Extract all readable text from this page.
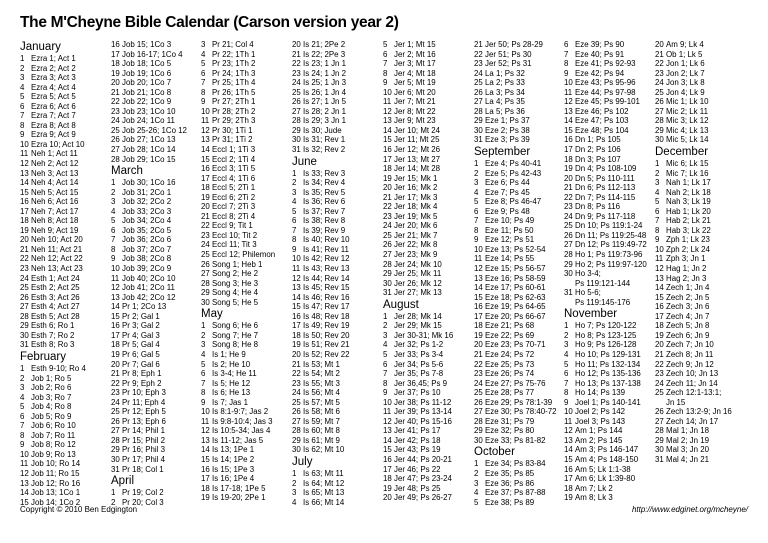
The M'Cheyne Bible Calendar (Carson version year 2)
January
1 Ezra 1; Act 1
2 Ezra 2; Act 2
3 Ezra 3; Act 3
4 Ezra 4; Act 4
5 Ezra 5; Act 5
6 Ezra 6; Act 6
7 Ezra 7; Act 7
8 Ezra 8; Act 8
9 Ezra 9; Act 9
10 Ezra 10; Act 10
11 Neh 1; Act 11
12 Neh 2; Act 12
13 Neh 3; Act 13
14 Neh 4; Act 14
15 Neh 5; Act 15
16 Neh 6; Act 16
17 Neh 7; Act 17
18 Neh 8; Act 18
19 Neh 9; Act 19
20 Neh 10; Act 20
21 Neh 11; Act 21
22 Neh 12; Act 22
23 Neh 13; Act 23
24 Esth 1; Act 24
25 Esth 2; Act 25
26 Esth 3; Act 26
27 Esth 4; Act 27
28 Esth 5; Act 28
29 Esth 6; Ro 1
30 Esth 7; Ro 2
31 Esth 8; Ro 3
February
1 Esth 9-10; Ro 4
2 Job 1; Ro 5
3 Job 2; Ro 6
4 Job 3; Ro 7
5 Job 4; Ro 8
6 Job 5; Ro 9
7 Job 6; Ro 10
8 Job 7; Ro 11
9 Job 8; Ro 12
10 Job 9; Ro 13
11 Job 10; Ro 14
12 Job 11; Ro 15
13 Job 12; Ro 16
14 Job 13; 1Co 1
15 Job 14; 1Co 2
16 Job 15; 1Co 3
17 Job 16-17; 1Co 4
18 Job 18; 1Co 5
19 Job 19; 1Co 6
20 Job 20; 1Co 7
21 Job 21; 1Co 8
22 Job 22; 1Co 9
23 Job 23; 1Co 10
24 Job 24; 1Co 11
25 Job 25-26; 1Co 12
26 Job 27; 1Co 13
27 Job 28; 1Co 14
28 Job 29; 1Co 15
March
1 Job 30; 1Co 16
2 Job 31; 2Co 1
3 Job 32; 2Co 2
4 Job 33; 2Co 3
5 Job 34; 2Co 4
6 Job 35; 2Co 5
7 Job 36; 2Co 6
8 Job 37; 2Co 7
9 Job 38; 2Co 8
10 Job 39; 2Co 9
11 Job 40; 2Co 10
12 Job 41; 2Co 11
13 Job 42; 2Co 12
14 Pr 1; 2Co 13
15 Pr 2; Gal 1
16 Pr 3; Gal 2
17 Pr 4; Gal 3
18 Pr 5; Gal 4
19 Pr 6; Gal 5
20 Pr 7; Gal 6
21 Pr 8; Eph 1
22 Pr 9; Eph 2
23 Pr 10; Eph 3
24 Pr 11; Eph 4
25 Pr 12; Eph 5
26 Pr 13; Eph 6
27 Pr 14; Phil 1
28 Pr 15; Phil 2
29 Pr 16; Phil 3
30 Pr 17; Phil 4
31 Pr 18; Col 1
April
1 Pr 19; Col 2
2 Pr 20; Col 3
3 Pr 21; Col 4
4 Pr 22; 1Th 1
5 Pr 23; 1Th 2
6 Pr 24; 1Th 3
7 Pr 25; 1Th 4
8 Pr 26; 1Th 5
9 Pr 27; 2Th 1
10 Pr 28; 2Th 2
11 Pr 29; 2Th 3
12 Pr 30; 1Ti 1
13 Pr 31; 1Ti 2
14 Eccl 1; 1Ti 3
15 Eccl 2; 1Ti 4
16 Eccl 3; 1Ti 5
17 Eccl 4; 1Ti 6
18 Eccl 5; 2Ti 1
19 Eccl 6; 2Ti 2
20 Eccl 7; 2Ti 3
21 Eccl 8; 2Ti 4
22 Eccl 9; Tit 1
23 Eccl 10; Tit 2
24 Eccl 11; Tit 3
25 Eccl 12; Philemon
26 Song 1; Heb 1
27 Song 2; He 2
28 Song 3; He 3
29 Song 4; He 4
30 Song 5; He 5
May
1 Song 6; He 6
2 Song 7; He 7
3 Song 8; He 8
4 Is 1; He 9
5 Is 2; He 10
6 Is 3-4; He 11
7 Is 5; He 12
8 Is 6; He 13
9 Is 7; Jas 1
10 Is 8:1-9:7; Jas 2
11 Is 9:8-10:4; Jas 3
12 Is 10:5-34; Jas 4
13 Is 11-12; Jas 5
14 Is 13; 1Pe 1
15 Is 14; 1Pe 2
16 Is 15; 1Pe 3
17 Is 16; 1Pe 4
18 Is 17-18; 1Pe 5
19 Is 19-20; 2Pe 1
20 Is 21; 2Pe 2
21 Is 22; 2Pe 3
22 Is 23; 1 Jn 1
23 Is 24; 1 Jn 2
24 Is 25; 1 Jn 3
25 Is 26; 1 Jn 4
26 Is 27; 1 Jn 5
27 Is 28; 2 Jn 1
28 Is 29; 3 Jn 1
29 Is 30; Jude
30 Is 31; Rev 1
31 Is 32; Rev 2
June
1 Is 33; Rev 3
2 Is 34; Rev 4
3 Is 35; Rev 5
4 Is 36; Rev 6
5 Is 37; Rev 7
6 Is 38; Rev 8
7 Is 39; Rev 9
8 Is 40; Rev 10
9 Is 41; Rev 11
10 Is 42; Rev 12
11 Is 43; Rev 13
12 Is 44; Rev 14
13 Is 45; Rev 15
14 Is 46; Rev 16
15 Is 47; Rev 17
16 Is 48; Rev 18
17 Is 49; Rev 19
18 Is 50; Rev 20
19 Is 51; Rev 21
20 Is 52; Rev 22
21 Is 53; Mt 1
22 Is 54; Mt 2
23 Is 55; Mt 3
24 Is 56; Mt 4
25 Is 57; Mt 5
26 Is 58; Mt 6
27 Is 59; Mt 7
28 Is 60; Mt 8
29 Is 61; Mt 9
30 Is 62; Mt 10
July
1 Is 63; Mt 11
2 Is 64; Mt 12
3 Is 65; Mt 13
4 Is 66; Mt 14
5 Jer 1; Mt 15
6 Jer 2; Mt 16
7 Jer 3; Mt 17
8 Jer 4; Mt 18
9 Jer 5; Mt 19
10 Jer 6; Mt 20
11 Jer 7; Mt 21
12 Jer 8; Mt 22
13 Jer 9; Mt 23
14 Jer 10; Mt 24
15 Jer 11; Mt 25
16 Jer 12; Mt 26
17 Jer 13; Mt 27
18 Jer 14; Mt 28
19 Jer 15; Mk 1
20 Jer 16; Mk 2
21 Jer 17; Mk 3
22 Jer 18; Mk 4
23 Jer 19; Mk 5
24 Jer 20; Mk 6
25 Jer 21; Mk 7
26 Jer 22; Mk 8
27 Jer 23; Mk 9
28 Jer 24; Mk 10
29 Jer 25; Mk 11
30 Jer 26; Mk 12
31 Jer 27; Mk 13
August
1 Jer 28; Mk 14
2 Jer 29; Mk 15
3 Jer 30-31; Mk 16
4 Jer 32; Ps 1-2
5 Jer 33; Ps 3-4
6 Jer 34; Ps 5-6
7 Jer 35; Ps 7-8
8 Jer 36,45; Ps 9
9 Jer 37; Ps 10
10 Jer 38; Ps 11-12
11 Jer 39; Ps 13-14
12 Jer 40; Ps 15-16
13 Jer 41; Ps 17
14 Jer 42; Ps 18
15 Jer 43; Ps 19
16 Jer 44; Ps 20-21
17 Jer 46; Ps 22
18 Jer 47; Ps 23-24
19 Jer 48; Ps 25
20 Jer 49; Ps 26-27
21 Jer 50; Ps 28-29
22 Jer 51; Ps 30
23 Jer 52; Ps 31
24 La 1; Ps 32
25 La 2; Ps 33
26 La 3; Ps 34
27 La 4; Ps 35
28 La 5; Ps 36
29 Eze 1; Ps 37
30 Eze 2; Ps 38
31 Eze 3; Ps 39
September
1 Eze 4; Ps 40-41
2 Eze 5; Ps 42-43
3 Eze 6; Ps 44
4 Eze 7; Ps 45
5 Eze 8; Ps 46-47
6 Eze 9; Ps 48
7 Eze 10; Ps 49
8 Eze 11; Ps 50
9 Eze 12; Ps 51
10 Eze 13; Ps 52-54
11 Eze 14; Ps 55
12 Eze 15; Ps 56-57
13 Eze 16; Ps 58-59
14 Eze 17; Ps 60-61
15 Eze 18; Ps 62-63
16 Eze 19; Ps 64-65
17 Eze 20; Ps 66-67
18 Eze 21; Ps 68
19 Eze 22; Ps 69
20 Eze 23; Ps 70-71
21 Eze 24; Ps 72
22 Eze 25; Ps 73
23 Eze 26; Ps 74
24 Eze 27; Ps 75-76
25 Eze 28; Ps 77
26 Eze 29; Ps 78:1-39
27 Eze 30; Ps 78:40-72
28 Eze 31; Ps 79
29 Eze 32; Ps 80
30 Eze 33; Ps 81-82
October
1 Eze 34; Ps 83-84
2 Eze 35; Ps 85
3 Eze 36; Ps 86
4 Eze 37; Ps 87-88
5 Eze 38; Ps 89
6 Eze 39; Ps 90
7 Eze 40; Ps 91
8 Eze 41; Ps 92-93
9 Eze 42; Ps 94
10 Eze 43; Ps 95-96
11 Eze 44; Ps 97-98
12 Eze 45; Ps 99-101
13 Eze 46; Ps 102
14 Eze 47; Ps 103
15 Eze 48; Ps 104
16 Dn 1; Ps 105
17 Dn 2; Ps 106
18 Dn 3; Ps 107
19 Dn 4; Ps 108-109
20 Dn 5; Ps 110-111
21 Dn 6; Ps 112-113
22 Dn 7; Ps 114-115
23 Dn 8; Ps 116
24 Dn 9; Ps 117-118
25 Dn 10; Ps 119:1-24
26 Dn 11; Ps 119:25-48
27 Dn 12; Ps 119:49-72
28 Ho 1; Ps 119:73-96
29 Ho 2; Ps 119:97-120
30 Ho 3-4;
Ps 119:121-144
31 Ho 5-6;
Ps 119:145-176
November
1 Ho 7; Ps 120-122
2 Ho 8; Ps 123-125
3 Ho 9; Ps 126-128
4 Ho 10; Ps 129-131
5 Ho 11; Ps 132-134
6 Ho 12; Ps 135-136
7 Ho 13; Ps 137-138
8 Ho 14; Ps 139
9 Joel 1; Ps 140-141
10 Joel 2; Ps 142
11 Joel 3; Ps 143
12 Am 1; Ps 144
13 Am 2; Ps 145
14 Am 3; Ps 146-147
15 Am 4; Ps 148-150
16 Am 5; Lk 1:1-38
17 Am 6; Lk 1:39-80
18 Am 7; Lk 2
19 Am 8; Lk 3
20 Am 9; Lk 4
21 Ob 1; Lk 5
22 Jon 1; Lk 6
23 Jon 2; Lk 7
24 Jon 3; Lk 8
25 Jon 4; Lk 9
26 Mic 1; Lk 10
27 Mic 2; Lk 11
28 Mic 3; Lk 12
29 Mic 4; Lk 13
30 Mic 5; Lk 14
December
1 Mic 6; Lk 15
2 Mic 7; Lk 16
3 Nah 1; Lk 17
4 Nah 2; Lk 18
5 Nah 3; Lk 19
6 Hab 1; Lk 20
7 Hab 2; Lk 21
8 Hab 3; Lk 22
9 Zph 1; Lk 23
10 Zph 2; Lk 24
11 Zph 3; Jn 1
12 Hag 1; Jn 2
13 Hag 2; Jn 3
14 Zech 1; Jn 4
15 Zech 2; Jn 5
16 Zech 3; Jn 6
17 Zech 4; Jn 7
18 Zech 5; Jn 8
19 Zech 6; Jn 9
20 Zech 7; Jn 10
21 Zech 8; Jn 11
22 Zech 9; Jn 12
23 Zech 10; Jn 13
24 Zech 11; Jn 14
25 Zech 12:1-13:1;
Jn 15
26 Zech 13:2-9; Jn 16
27 Zech 14; Jn 17
28 Mal 1; Jn 18
29 Mal 2; Jn 19
30 Mal 3; Jn 20
31 Mal 4; Jn 21
Copyright © 2010 Ben Edgington	http://www.edginet.org/mcheyne/
